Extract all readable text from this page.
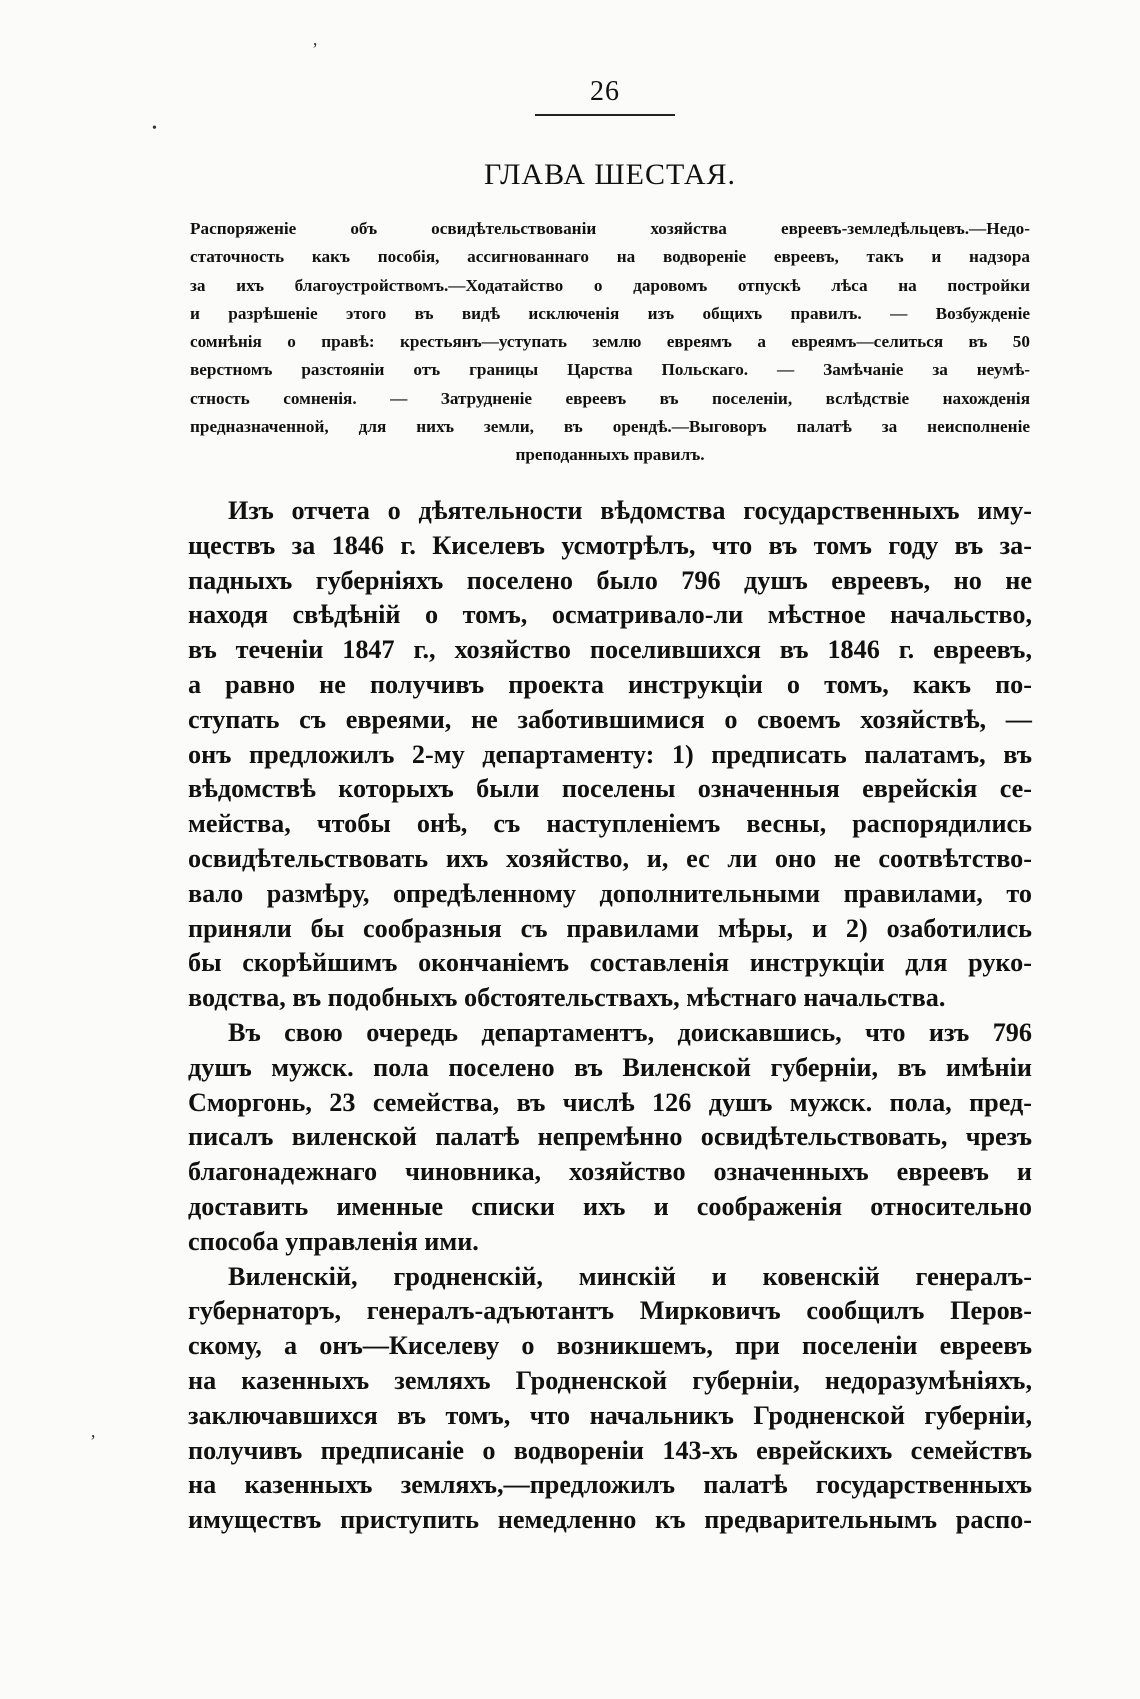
ʼ
•
ʼ
26
ГЛАВА ШЕСТАЯ.
Распоряженіе объ освидѣтельствованіи хозяйства евреевъ-земледѣльцевъ.—Недо-
статочность какъ пособія, ассигнованнаго на водвореніе евреевъ, такъ и надзора
за ихъ благоустройствомъ.—Ходатайство о даровомъ отпускѣ лѣса на постройки
и разрѣшеніе этого въ видѣ исключенія изъ общихъ правилъ. — Возбужденіе
сомнѣнія о правѣ: крестьянъ—уступать землю евреямъ а евреямъ—селиться въ 50
верстномъ разстояніи отъ границы Царства Польскаго. — Замѣчаніе за неумѣ-
стность сомненія. — Затрудненіе евреевъ въ поселеніи, вслѣдствіе нахожденія
предназначенной, для нихъ земли, въ орендѣ.—Выговоръ палатѣ за неисполненіе
преподанныхъ правилъ.
Изъ отчета о дѣятельности вѣдомства государственныхъ иму-
ществъ за 1846 г. Киселевъ усмотрѣлъ, что въ томъ году въ за-
падныхъ губерніяхъ поселено было 796 душъ евреевъ, но не
находя свѣдѣній о томъ, осматривало-ли мѣстное начальство,
въ теченіи 1847 г., хозяйство поселившихся въ 1846 г. евреевъ,
а равно не получивъ проекта инструкціи о томъ, какъ по-
ступать съ евреями, не заботившимися о своемъ хозяйствѣ, —
онъ предложилъ 2-му департаменту: 1) предписать палатамъ, въ
вѣдомствѣ которыхъ были поселены означенныя еврейскія се-
мейства, чтобы онѣ, съ наступленіемъ весны, распорядились
освидѣтельствовать ихъ хозяйство, и, ес ли оно не соотвѣтство-
вало размѣру, опредѣленному дополнительными правилами, то
приняли бы сообразныя съ правилами мѣры, и 2) озаботились
бы скорѣйшимъ окончаніемъ составленія инструкціи для руко-
водства, въ подобныхъ обстоятельствахъ, мѣстнаго начальства.
Въ свою очередь департаментъ, доискавшись, что изъ 796
душъ мужск. пола поселено въ Виленской губерніи, въ имѣніи
Сморгонь, 23 семейства, въ числѣ 126 душъ мужск. пола, пред-
писалъ виленской палатѣ непремѣнно освидѣтельствовать, чрезъ
благонадежнаго чиновника, хозяйство означенныхъ евреевъ и
доставить именные списки ихъ и соображенія относительно
способа управленія ими.
Виленскій, гродненскій, минскій и ковенскій генералъ-
губернаторъ, генералъ-адъютантъ Мирковичъ сообщилъ Перов-
скому, а онъ—Киселеву о возникшемъ, при поселеніи евреевъ
на казенныхъ земляхъ Гродненской губерніи, недоразумѣніяхъ,
заключавшихся въ томъ, что начальникъ Гродненской губерніи,
получивъ предписаніе о водвореніи 143-хъ еврейскихъ семействъ
на казенныхъ земляхъ,—предложилъ палатѣ государственныхъ
имуществъ приступить немедленно къ предварительнымъ распо-
